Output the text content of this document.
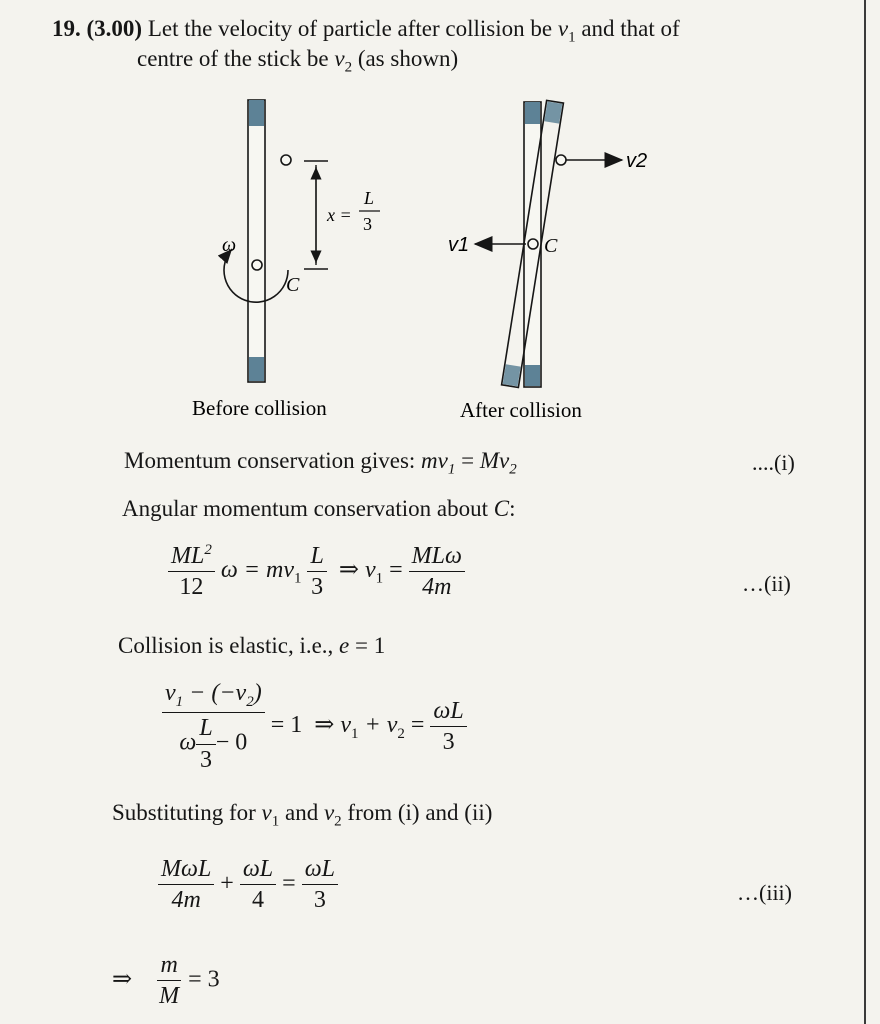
19. (3.00) Let the velocity of particle after collision be $v_1$ and that of
centre of the stick be $v_2$ (as shown)
ω
C
x =
L
3
Before collision
v2
v1	C
After collision
Momentum conservation gives: $mv_1 = Mv_2$	....(i)
Angular momentum conservation about C:
$\frac{ML^2}{12}$ $\omega = mv_1 \frac{L}{3}$ ⇒ $v_1 = \frac{\text{MLω}}{4m}$	…(ii)
Collision is elastic, i.e., e = 1
$\frac{v_1 - (-v_2)}{\omega \frac{L}{3} - 0} = 1$ ⇒ $v_1 + v_2 = \frac{\omega L}{3}$
Substituting for $v_1$ and $v_2$ from (i) and (ii)
$\frac{\text{MωL}}{4m} + \frac{\omega L}{4} = \frac{\omega L}{3}$	…(iii)
⇒ $\frac{m}{M} = 3$
